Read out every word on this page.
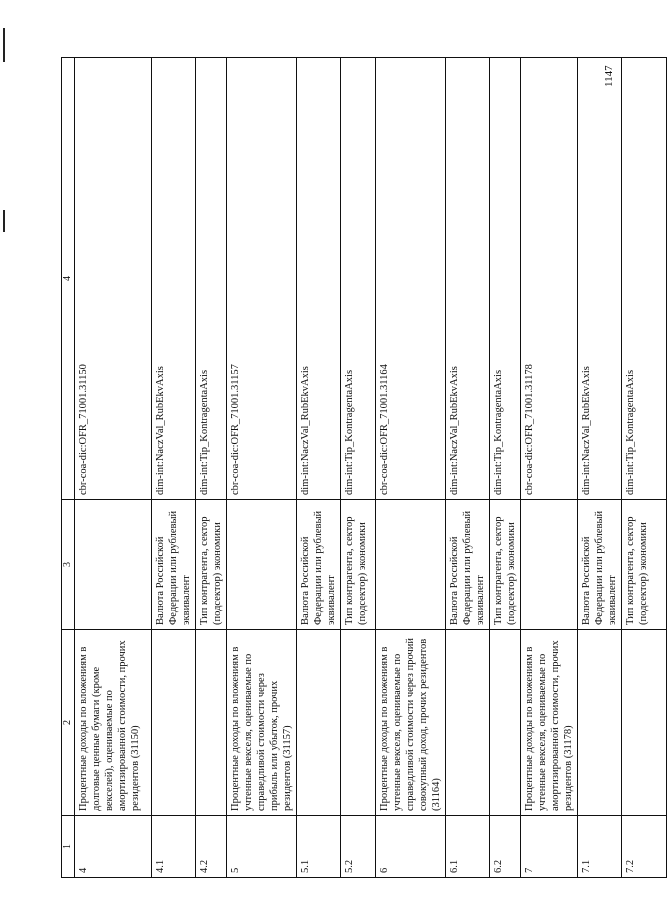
1147
1	2	3	4
4	Процентные доходы по вложениям в долговые ценные бумаги (кроме векселей), оцениваемые по амортизированной стоимости, прочих резидентов (31150)		cbr-coa-dic:OFR_71001.31150
4.1		Валюта Российской Федерации или рублевый эквивалент	dim-int:NaczVal_RubEkvAxis
4.2		Тип контрагента, сектор (подсектор) экономики	dim-int:Tip_KontragentaAxis
5	Процентные доходы по вложениям в учтенные векселя, оцениваемые по справедливой стоимости через прибыль или убыток, прочих резидентов (31157)		cbr-coa-dic:OFR_71001.31157
5.1		Валюта Российской Федерации или рублевый эквивалент	dim-int:NaczVal_RubEkvAxis
5.2		Тип контрагента, сектор (подсектор) экономики	dim-int:Tip_KontragentaAxis
6	Процентные доходы по вложениям в учтенные векселя, оцениваемые по справедливой стоимости через прочий совокупный доход, прочих резидентов (31164)		cbr-coa-dic:OFR_71001.31164
6.1		Валюта Российской Федерации или рублевый эквивалент	dim-int:NaczVal_RubEkvAxis
6.2		Тип контрагента, сектор (подсектор) экономики	dim-int:Tip_KontragentaAxis
7	Процентные доходы по вложениям в учтенные векселя, оцениваемые по амортизированной стоимости, прочих резидентов (31178)		cbr-coa-dic:OFR_71001.31178
7.1		Валюта Российской Федерации или рублевый эквивалент	dim-int:NaczVal_RubEkvAxis
7.2		Тип контрагента, сектор (подсектор) экономики	dim-int:Tip_KontragentaAxis
